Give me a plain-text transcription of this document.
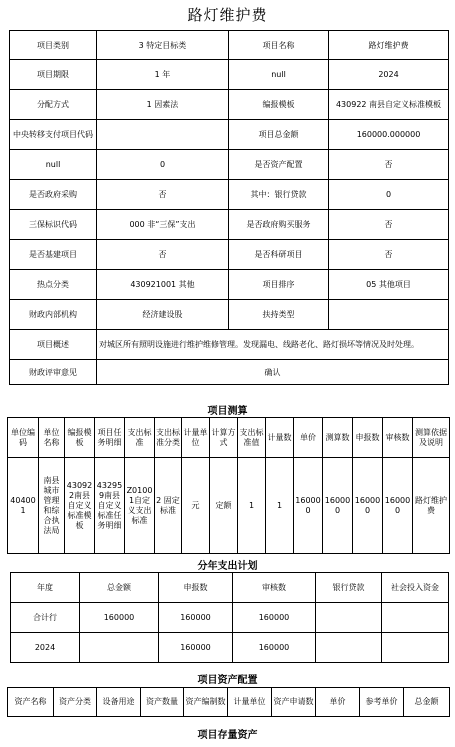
路灯维护费
项目类别	3 特定目标类	项目名称	路灯维护费
项目期限	1 年	null	2024
分配方式	1 因素法	编报模板	430922 南县自定义标准模板
中央转移支付项目代码		项目总金额	160000.000000
null	0	是否资产配置	否
是否政府采购	否	其中：银行贷款	0
三保标识代码	000 非“三保”支出	是否政府购买服务	否
是否基建项目	否	是否科研项目	否
热点分类	430921001 其他	项目排序	05 其他项目
财政内部机构	经济建设股	扶持类型	
项目概述	对城区所有照明设施进行维护维修管理。发现漏电、线路老化、路灯损坏等情况及时处理。		
财政评审意见	确认		
项目测算
单位编码	单位名称	编报模板	项目任务明细	支出标准	支出标准分类	计量单位	计算方式	支出标准值	计量数	单价	测算数	申报数	审核数	测算依据及说明
404001	南县城市管理和综合执法局	430922南县自定义标准模板	432959南县自定义标准任务明细	Z01001自定义支出标准	2 固定标准	元	定额	1	1	160000	160000	160000	160000	路灯维护费
分年支出计划
年度	总金额	申报数	审核数	银行贷款	社会投入资金
合计行	160000	160000	160000		
2024		160000	160000		
项目资产配置
资产名称	资产分类	设备用途	资产数量	资产编制数	计量单位	资产申请数	单价	参考单价	总金额
项目存量资产
